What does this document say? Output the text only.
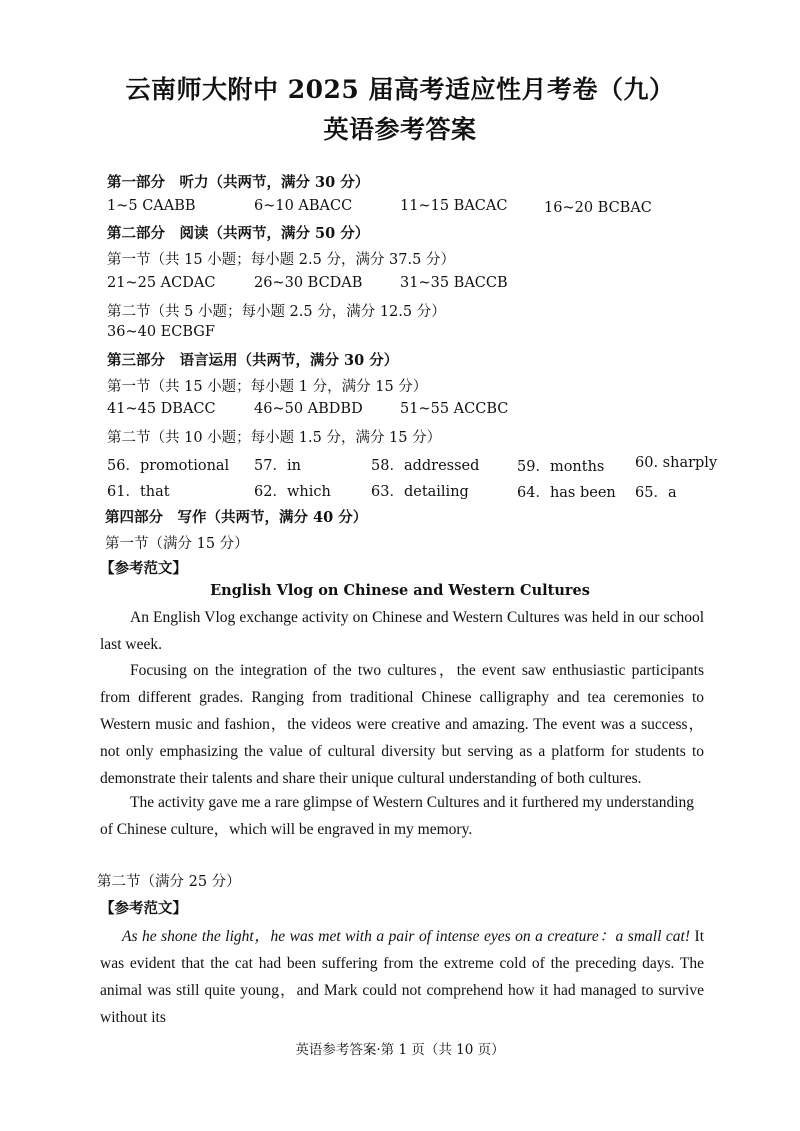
云南师大附中 2025 届高考适应性月考卷（九）
英语参考答案
第一部分　听力（共两节，满分 30 分）
1~5 CAABB	6~10 ABACC	11~15 BACAC	16~20 BCBAC
第二部分　阅读（共两节，满分 50 分）
第一节（共 15 小题；每小题 2.5 分，满分 37.5 分）
21~25 ACDAC	26~30 BCDAB	31~35 BACCB
第二节（共 5 小题；每小题 2.5 分，满分 12.5 分）
36~40 ECBGF
第三部分　语言运用（共两节，满分 30 分）
第一节（共 15 小题；每小题 1 分，满分 15 分）
41~45 DBACC	46~50 ABDBD	51~55 ACCBC
第二节（共 10 小题；每小题 1.5 分，满分 15 分）
56．promotional 57．in	58．addressed	59．months 60. sharply
61．that	62．which	63．detailing	64．has been 65．a
第四部分　写作（共两节，满分 40 分）
第一节（满分 15 分）
【参考范文】
English Vlog on Chinese and Western Cultures

An English Vlog exchange activity on Chinese and Western Cultures was held in our school last week.

Focusing on the integration of the two cultures，the event saw enthusiastic participants from different grades. Ranging from traditional Chinese calligraphy and tea ceremonies to Western music and fashion，the videos were creative and amazing. The event was a success，not only emphasizing the value of cultural diversity but serving as a platform for students to demonstrate their talents and share their unique cultural understanding of both cultures.

The activity gave me a rare glimpse of Western Cultures and it furthered my understanding of Chinese culture，which will be engraved in my memory.

第二节（满分 25 分）
【参考范文】

As he shone the light，he was met with a pair of intense eyes on a creature：a small cat! It was evident that the cat had been suffering from the extreme cold of the preceding days. The animal was still quite young，and Mark could not comprehend how it had managed to survive without its

英语参考答案·第 1 页（共 10 页）
